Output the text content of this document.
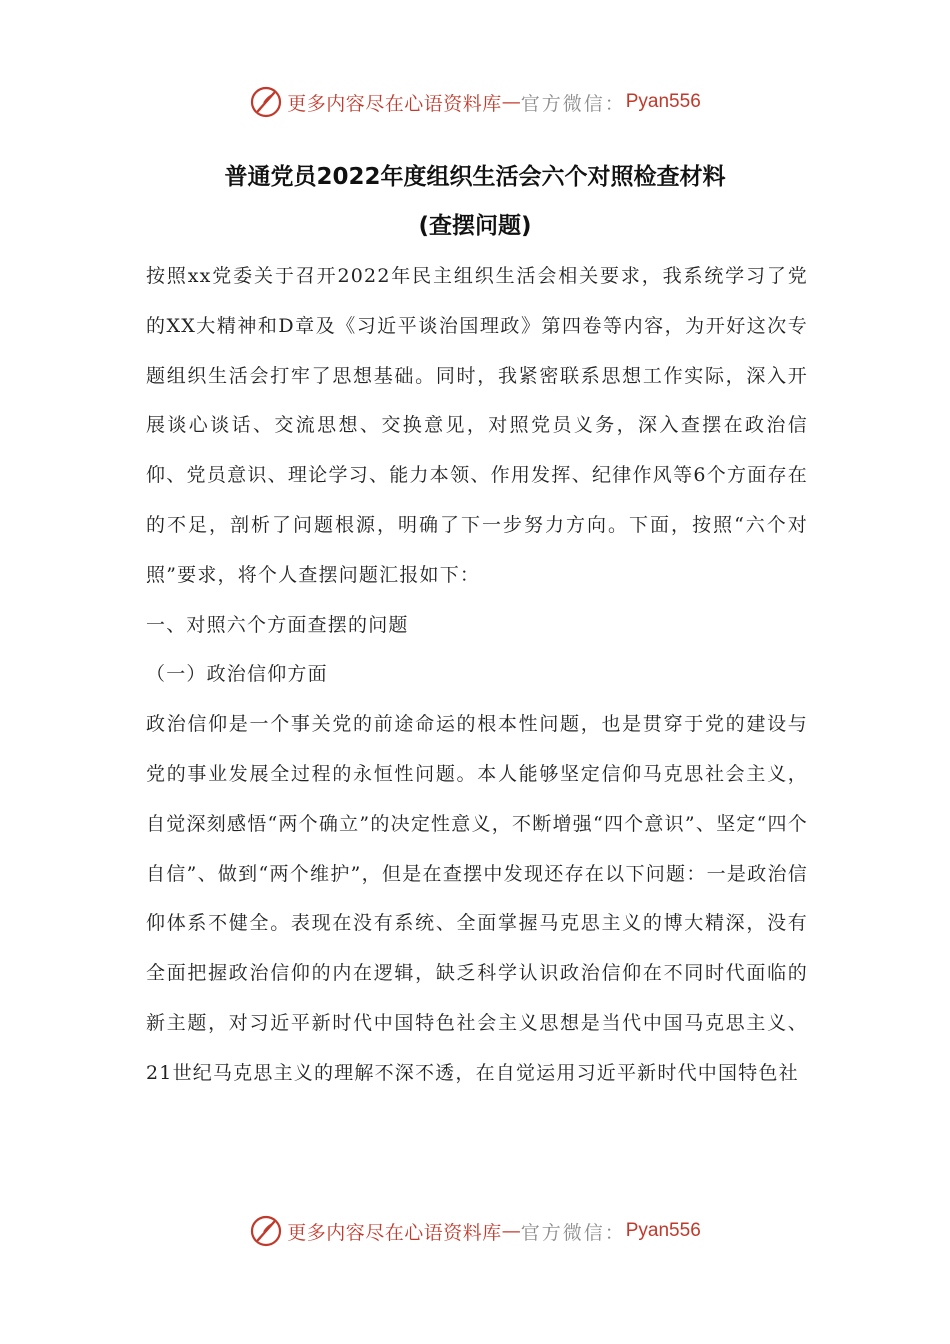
更多内容尽在心语资料库 — 官方微信： Pyan556
普通党员2022年度组织生活会六个对照检查材料
(查摆问题)

按照xx党委关于召开2022年民主组织生活会相关要求，我系统学习了党的XX大精神和D章及《习近平谈治国理政》第四卷等内容，为开好这次专题组织生活会打牢了思想基础。同时，我紧密联系思想工作实际，深入开展谈心谈话、交流思想、交换意见，对照党员义务，深入查摆在政治信仰、党员意识、理论学习、能力本领、作用发挥、纪律作风等6个方面存在的不足，剖析了问题根源，明确了下一步努力方向。下面，按照“六个对照”要求，将个人查摆问题汇报如下：

一、对照六个方面查摆的问题

（一）政治信仰方面

政治信仰是一个事关党的前途命运的根本性问题，也是贯穿于党的建设与党的事业发展全过程的永恒性问题。本人能够坚定信仰马克思社会主义，自觉深刻感悟“两个确立”的决定性意义，不断增强“四个意识”、坚定“四个自信”、做到“两个维护”，但是在查摆中发现还存在以下问题：一是政治信仰体系不健全。表现在没有系统、全面掌握马克思主义的博大精深，没有全面把握政治信仰的内在逻辑，缺乏科学认识政治信仰在不同时代面临的新主题，对习近平新时代中国特色社会主义思想是当代中国马克思主义、21世纪马克思主义的理解不深不透，在自觉运用习近平新时代中国特色社

更多内容尽在心语资料库 — 官方微信： Pyan556
